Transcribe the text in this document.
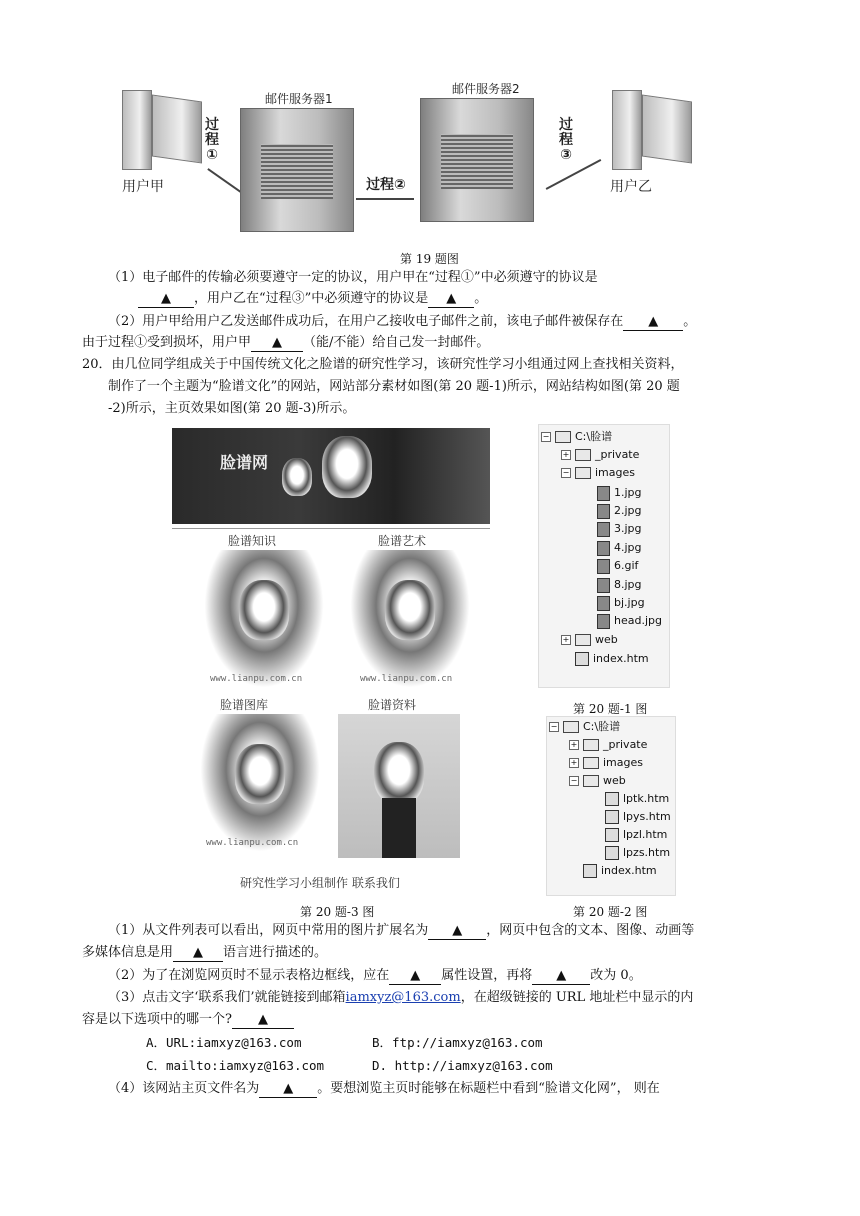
用户甲
过程①
邮件服务器1
过程②
邮件服务器2
过程③
用户乙
第 19 题图
（1）电子邮件的传输必须要遵守一定的协议，用户甲在“过程①”中必须遵守的协议是
▲ ，用户乙在“过程③”中必须遵守的协议是 ▲ 。
（2）用户甲给用户乙发送邮件成功后，在用户乙接收电子邮件之前，该电子邮件被保存在 ▲ 。
由于过程①受到损坏，用户甲 ▲ （能/不能）给自己发一封邮件。
20．由几位同学组成关于中国传统文化之脸谱的研究性学习，该研究性学习小组通过网上查找相关资料，
制作了一个主题为“脸谱文化”的网站，网站部分素材如图(第 20 题-1)所示，网站结构如图(第 20 题
-2)所示，主页效果如图(第 20 题-3)所示。
脸谱网
脸谱知识	脸谱艺术
www.lianpu.com.cn	www.lianpu.com.cn
脸谱图库	脸谱资料
www.lianpu.com.cn
研究性学习小组制作 联系我们
第 20 题-3 图
− C:\脸谱
+ _private
− images
1.jpg
2.jpg
3.jpg
4.jpg
6.gif
8.jpg
bj.jpg
head.jpg
+ web
index.htm
第 20 题-1 图
− C:\脸谱
+ _private
+ images
− web
lptk.htm
lpys.htm
lpzl.htm
lpzs.htm
index.htm
第 20 题-2 图
（1）从文件列表可以看出，网页中常用的图片扩展名为 ▲ ，网页中包含的文本、图像、动画等
多媒体信息是用 ▲ 语言进行描述的。
（2）为了在浏览网页时不显示表格边框线，应在 ▲ 属性设置，再将 ▲ 改为 0。
（3）点击文字‘联系我们’就能链接到邮箱iamxyz@163.com，在超级链接的 URL 地址栏中显示的内
容是以下选项中的哪一个? ▲
A．URL:iamxyz@163.com	B．ftp://iamxyz@163.com
C．mailto:iamxyz@163.com	D. http://iamxyz@163.com
（4）该网站主页文件名为 ▲ 。要想浏览主页时能够在标题栏中看到“脸谱文化网”， 则在
